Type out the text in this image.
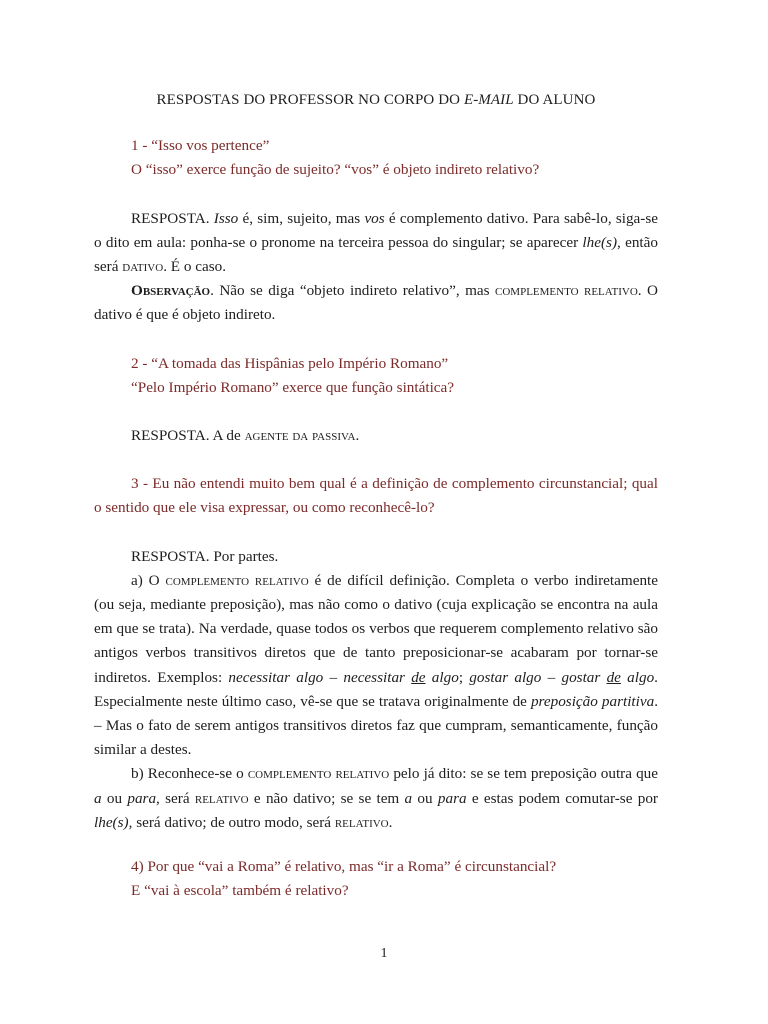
RESPOSTAS DO PROFESSOR NO CORPO DO E-MAIL DO ALUNO

1 - “Isso vos pertence”

O “isso” exerce função de sujeito? “vos” é objeto indireto relativo?

RESPOSTA. Isso é, sim, sujeito, mas vos é complemento dativo. Para sabê-lo, siga-se o dito em aula: ponha-se o pronome na terceira pessoa do singular; se aparecer lhe(s), então será dativo. É o caso.

Observação. Não se diga “objeto indireto relativo”, mas complemento relativo. O dativo é que é objeto indireto.

2 - “A tomada das Hispânias pelo Império Romano”

“Pelo Império Romano” exerce que função sintática?

RESPOSTA. A de agente da passiva.

3 - Eu não entendi muito bem qual é a definição de complemento circunstancial; qual o sentido que ele visa expressar, ou como reconhecê-lo?

RESPOSTA. Por partes.

a) O complemento relativo é de difícil definição. Completa o verbo indiretamente (ou seja, mediante preposição), mas não como o dativo (cuja explicação se encontra na aula em que se trata). Na verdade, quase todos os verbos que requerem complemento relativo são antigos verbos transitivos diretos que de tanto preposicionar-se acabaram por tornar-se indiretos. Exemplos: necessitar algo – necessitar de algo; gostar algo – gostar de algo. Especialmente neste último caso, vê-se que se tratava originalmente de preposição partitiva. – Mas o fato de serem antigos transitivos diretos faz que cumpram, semanticamente, função similar a destes.

b) Reconhece-se o complemento relativo pelo já dito: se se tem preposição outra que a ou para, será relativo e não dativo; se se tem a ou para e estas podem comutar-se por lhe(s), será dativo; de outro modo, será relativo.

4) Por que “vai a Roma” é relativo, mas “ir a Roma” é circunstancial?

E “vai à escola” também é relativo?

1
